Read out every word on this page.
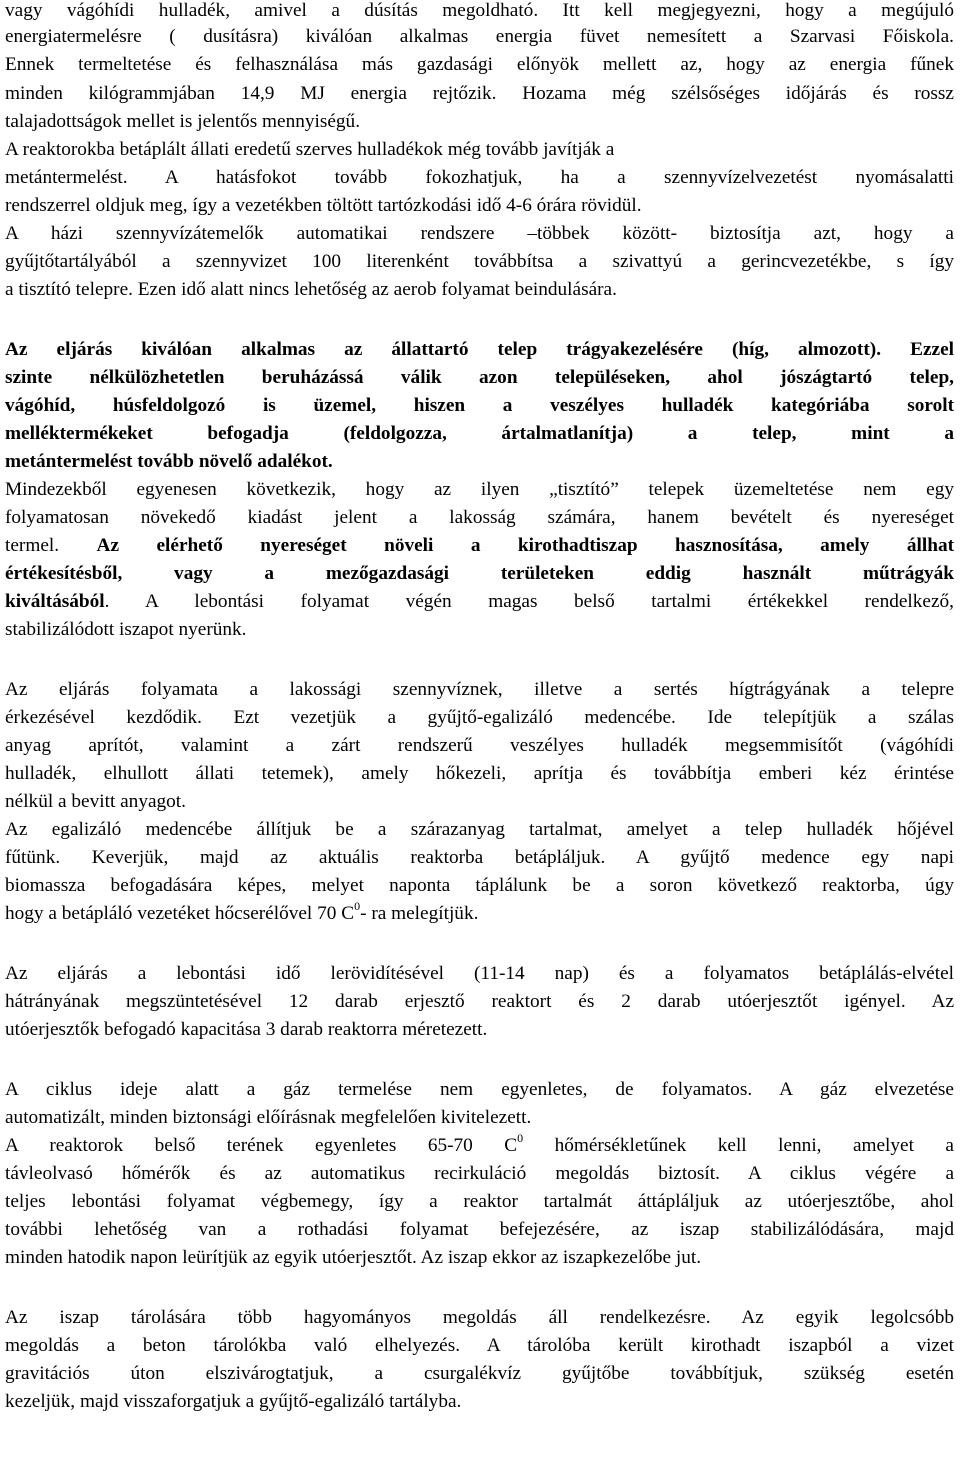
vagy vágóhídi hulladék, amivel a dúsítás megoldható. Itt kell megjegyezni, hogy a megújuló
energiatermelésre ( dusításra) kiválóan alkalmas energia füvet nemesített a Szarvasi Főiskola.
Ennek termeltetése és felhasználása más gazdasági előnyök mellett az, hogy az energia fűnek
minden kilógrammjában 14,9 MJ energia rejtőzik. Hozama még szélsőséges időjárás és rossz
talajadottságok mellet is jelentős mennyiségű.
A reaktorokba betáplált állati eredetű szerves hulladékok még tovább javítják a
metántermelést. A hatásfokot tovább fokozhatjuk, ha a szennyvízelvezetést nyomásalatti
rendszerrel oldjuk meg, így a vezetékben töltött tartózkodási idő 4-6 órára rövidül.
A házi szennyvízátemelők automatikai rendszere –többek között- biztosítja azt, hogy a
gyűjtőtartályából a szennyvizet 100 literenként továbbítsa a szivattyú a gerincvezetékbe, s így
a tisztító telepre. Ezen idő alatt nincs lehetőség az aerob folyamat beindulására.
Az eljárás kiválóan alkalmas az állattartó telep trágyakezelésére (híg, almozott). Ezzel
szinte nélkülözhetetlen beruházássá válik azon településeken, ahol jószágtartó telep,
vágóhíd, húsfeldolgozó is üzemel, hiszen a veszélyes hulladék kategóriába sorolt
melléktermékeket befogadja (feldolgozza, ártalmatlanítja) a telep, mint a
metántermelést tovább növelő adalékot.
Mindezekből egyenesen következik, hogy az ilyen „tisztító” telepek üzemeltetése nem egy
folyamatosan növekedő kiadást jelent a lakosság számára, hanem bevételt és nyereséget
termel. Az elérhető nyereséget növeli a kirothadtiszap hasznosítása, amely állhat
értékesítésből, vagy a mezőgazdasági területeken eddig használt műtrágyák
kiváltásából. A lebontási folyamat végén magas belső tartalmi értékekkel rendelkező,
stabilizálódott iszapot nyerünk.
Az eljárás folyamata a lakossági szennyvíznek, illetve a sertés hígtrágyának a telepre
érkezésével kezdődik. Ezt vezetjük a gyűjtő-egalizáló medencébe. Ide telepítjük a szálas
anyag aprítót, valamint a zárt rendszerű veszélyes hulladék megsemmisítőt (vágóhídi
hulladék, elhullott állati tetemek), amely hőkezeli, aprítja és továbbítja emberi kéz érintése
nélkül a bevitt anyagot.
Az egalizáló medencébe állítjuk be a szárazanyag tartalmat, amelyet a telep hulladék hőjével
fűtünk. Keverjük, majd az aktuális reaktorba betápláljuk. A gyűjtő medence egy napi
biomassza befogadására képes, melyet naponta táplálunk be a soron következő reaktorba, úgy
hogy a betápláló vezetéket hőcserélővel 70 $C^0-$ ra melegítjük.
Az eljárás a lebontási idő lerövidítésével (11-14 nap) és a folyamatos betáplálás-elvétel
hátrányának megszüntetésével 12 darab erjesztő reaktort és 2 darab utóerjesztőt igényel. Az
utóerjesztők befogadó kapacitása 3 darab reaktorra méretezett.
A ciklus ideje alatt a gáz termelése nem egyenletes, de folyamatos. A gáz elvezetése
automatizált, minden biztonsági előírásnak megfelelően kivitelezett.
A reaktorok belső terének egyenletes 65-70 $C^0$ hőmérsékletűnek kell lenni, amelyet a
távleolvasó hőmérők és az automatikus recirkuláció megoldás biztosít. A ciklus végére a
teljes lebontási folyamat végbemegy, így a reaktor tartalmát áttápláljuk az utóerjesztőbe, ahol
további lehetőség van a rothadási folyamat befejezésére, az iszap stabilizálódására, majd
minden hatodik napon leürítjük az egyik utóerjesztőt. Az iszap ekkor az iszapkezelőbe jut.
Az iszap tárolására több hagyományos megoldás áll rendelkezésre. Az egyik legolcsóbb
megoldás a beton tárolókba való elhelyezés. A tárolóba került kirothadt iszapból a vizet
gravitációs úton elszivárogtatjuk, a csurgalékvíz gyűjtőbe továbbítjuk, szükség esetén
kezeljük, majd visszaforgatjuk a gyűjtő-egalizáló tartályba.
